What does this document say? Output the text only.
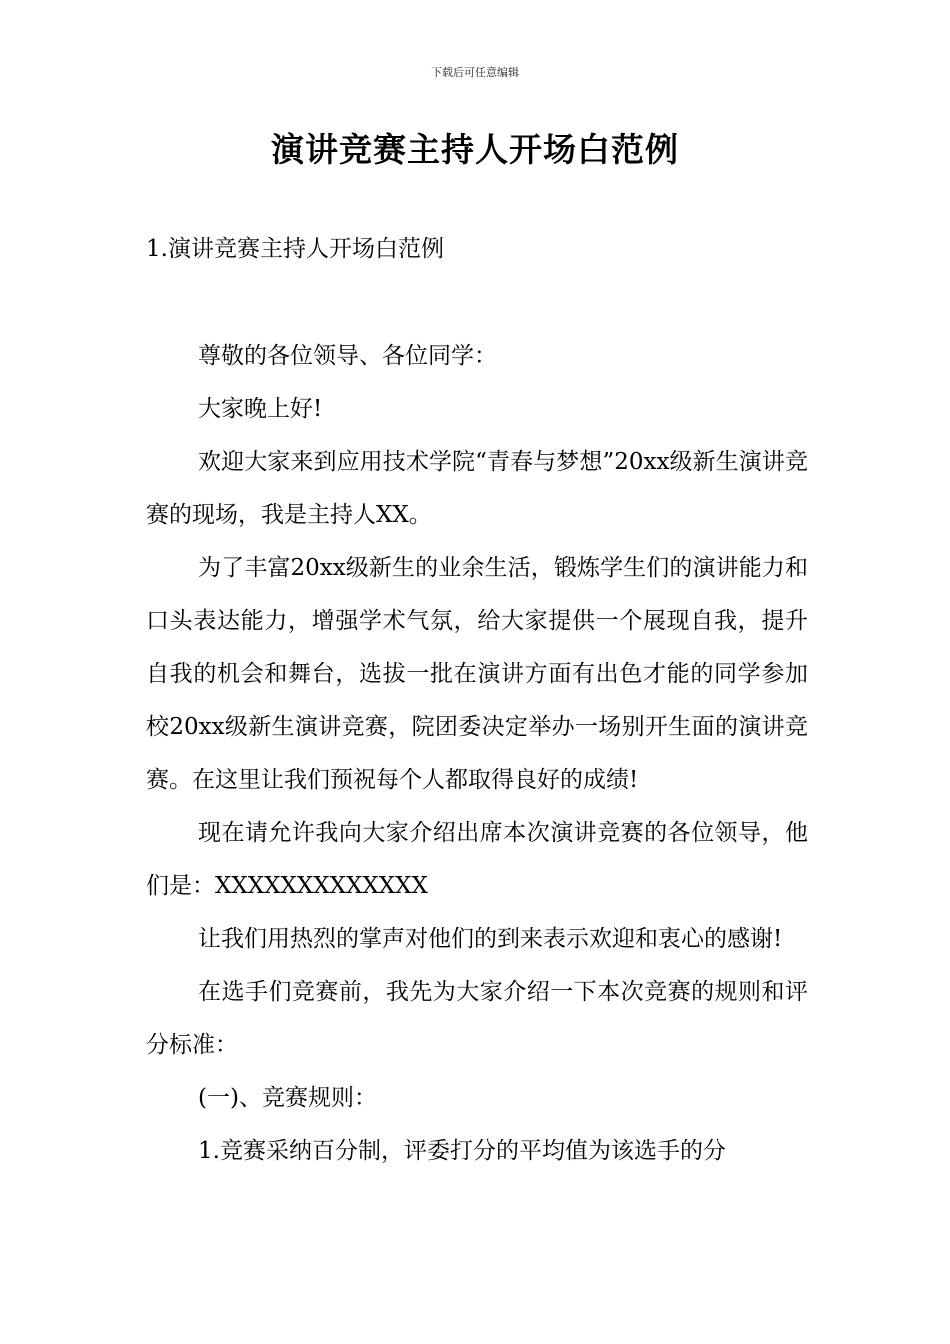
下载后可任意编辑
演讲竞赛主持人开场白范例
1.演讲竞赛主持人开场白范例

尊敬的各位领导、各位同学：

大家晚上好!

欢迎大家来到应用技术学院“青春与梦想”20xx级新生演讲竞赛的现场，我是主持人XX。

为了丰富20xx级新生的业余生活，锻炼学生们的演讲能力和口头表达能力，增强学术气氛，给大家提供一个展现自我，提升自我的机会和舞台，选拔一批在演讲方面有出色才能的同学参加校20xx级新生演讲竞赛，院团委决定举办一场别开生面的演讲竞赛。在这里让我们预祝每个人都取得良好的成绩!

现在请允许我向大家介绍出席本次演讲竞赛的各位领导，他们是：XXXXXXXXXXXXX

让我们用热烈的掌声对他们的到来表示欢迎和衷心的感谢!

在选手们竞赛前，我先为大家介绍一下本次竞赛的规则和评分标准：

(一)、竞赛规则：

1.竞赛采纳百分制，评委打分的平均值为该选手的分
